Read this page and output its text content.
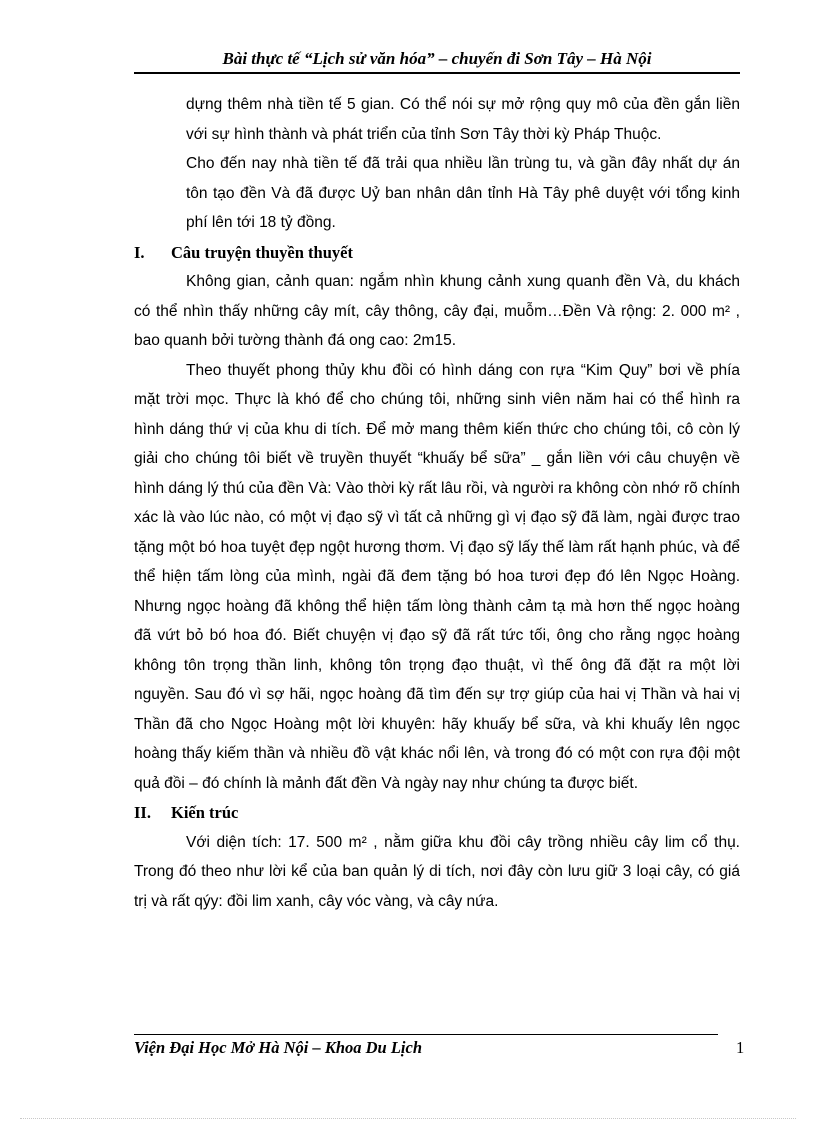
Bài thực tế “Lịch sử văn hóa” – chuyến đi Sơn Tây – Hà Nội

dựng thêm nhà tiền tế 5 gian. Có thể nói sự mở rộng quy mô của đền gắn liền với sự hình thành và phát triển của tỉnh Sơn Tây thời kỳ Pháp Thuộc.

Cho đến nay nhà tiền tế đã trải qua nhiều lần trùng tu, và gần đây nhất dự án tôn tạo đền Và đã được Uỷ ban nhân dân tỉnh Hà Tây phê duyệt với tổng kinh phí lên tới 18 tỷ đồng.

I.	Câu truyện thuyền thuyết

Không gian, cảnh quan: ngắm nhìn khung cảnh xung quanh đền Và, du khách có thể nhìn thấy những cây mít, cây thông, cây đại, muỗm…Đền Và rộng: 2. 000 m² , bao quanh bởi tường thành đá ong cao: 2m15.

Theo thuyết phong thủy khu đồi có hình dáng con rựa “Kim Quy” bơi về phía mặt trời mọc. Thực là khó để cho chúng tôi, những sinh viên năm hai có thể hình ra hình dáng thứ vị của khu di tích. Để mở mang thêm kiến thức cho chúng tôi, cô còn lý giải cho chúng tôi biết về truyền thuyết “khuấy bể sữa” _ gắn liền với câu chuyện về hình dáng lý thú của đền Và: Vào thời kỳ rất lâu rồi, và người ra không còn nhớ rõ chính xác là vào lúc nào, có một vị đạo sỹ vì tất cả những gì vị đạo sỹ đã làm, ngài được trao tặng một bó hoa tuyệt đẹp ngột hương thơm. Vị đạo sỹ lấy thế làm rất hạnh phúc, và để thể hiện tấm lòng của mình, ngài đã đem tặng bó hoa tươi đẹp đó lên Ngọc Hoàng. Nhưng ngọc hoàng đã không thể hiện tấm lòng thành cảm tạ mà hơn thế ngọc hoàng đã vứt bỏ bó hoa đó. Biết chuyện vị đạo sỹ đã rất tức tối, ông cho rằng ngọc hoàng không tôn trọng thần linh, không tôn trọng đạo thuật, vì thế ông đã đặt ra một lời nguyền. Sau đó vì sợ hãi, ngọc hoàng đã tìm đến sự trợ giúp của hai vị Thần và hai vị Thần đã cho Ngọc Hoàng một lời khuyên: hãy khuấy bể sữa, và khi khuấy lên ngọc hoàng thấy kiếm thần và nhiều đồ vật khác nổi lên, và trong đó có một con rựa đội một quả đồi – đó chính là mảnh đất đền Và ngày nay như chúng ta được biết.

II.	Kiến trúc

Với diện tích: 17. 500 m² , nằm giữa khu đồi cây trồng nhiều cây lim cổ thụ. Trong đó theo như lời kể của ban quản lý di tích, nơi đây còn lưu giữ 3 loại cây, có giá trị và rất qýy: đồi lim xanh, cây vóc vàng, và cây nứa.

Viện Đại Học Mở Hà Nội – Khoa Du Lịch	1
